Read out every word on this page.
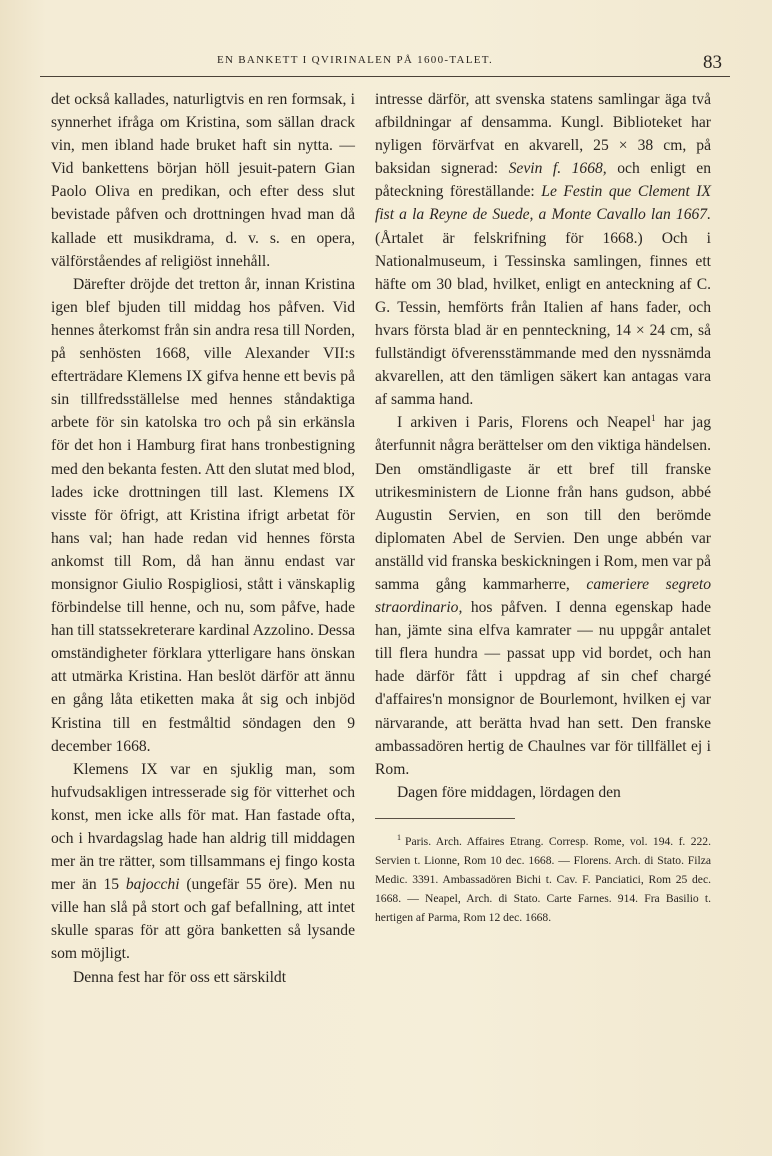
EN BANKETT I QVIRINALEN PÅ 1600-TALET.	83

det också kallades, naturligtvis en ren formsak, i synnerhet ifråga om Kristina, som sällan drack vin, men ibland hade bruket haft sin nytta. — Vid bankettens början höll jesuit-patern Gian Paolo Oliva en predikan, och efter dess slut bevistade påfven och drottningen hvad man då kallade ett musikdrama, d. v. s. en opera, välförståendes af religiöst innehåll.

Därefter dröjde det tretton år, innan Kristina igen blef bjuden till middag hos påfven. Vid hennes återkomst från sin andra resa till Norden, på senhösten 1668, ville Alexander VII:s efterträdare Klemens IX gifva henne ett bevis på sin tillfredsställelse med hennes ståndaktiga arbete för sin katolska tro och på sin erkänsla för det hon i Hamburg firat hans tronbestigning med den bekanta festen. Att den slutat med blod, lades icke drottningen till last. Klemens IX visste för öfrigt, att Kristina ifrigt arbetat för hans val; han hade redan vid hennes första ankomst till Rom, då han ännu endast var monsignor Giulio Rospigliosi, stått i vänskaplig förbindelse till henne, och nu, som påfve, hade han till statssekreterare kardinal Azzolino. Dessa omständigheter förklara ytterligare hans önskan att utmärka Kristina. Han beslöt därför att ännu en gång låta etiketten maka åt sig och inbjöd Kristina till en festmåltid söndagen den 9 december 1668.

Klemens IX var en sjuklig man, som hufvudsakligen intresserade sig för vitterhet och konst, men icke alls för mat. Han fastade ofta, och i hvardagslag hade han aldrig till middagen mer än tre rätter, som tillsammans ej fingo kosta mer än 15 bajocchi (ungefär 55 öre). Men nu ville han slå på stort och gaf befallning, att intet skulle sparas för att göra banketten så lysande som möjligt.

Denna fest har för oss ett särskildt

intresse därför, att svenska statens samlingar äga två afbildningar af densamma. Kungl. Biblioteket har nyligen förvärfvat en akvarell, 25 × 38 cm, på baksidan signerad: Sevin f. 1668, och enligt en påteckning föreställande: Le Festin que Clement IX fist a la Reyne de Suede, a Monte Cavallo lan 1667. (Årtalet är felskrifning för 1668.) Och i Nationalmuseum, i Tessinska samlingen, finnes ett häfte om 30 blad, hvilket, enligt en anteckning af C. G. Tessin, hemförts från Italien af hans fader, och hvars första blad är en pennteckning, 14 × 24 cm, så fullständigt öfverensstämmande med den nyssnämda akvarellen, att den tämligen säkert kan antagas vara af samma hand.

I arkiven i Paris, Florens och Neapel$^1$ har jag återfunnit några berättelser om den viktiga händelsen. Den omständligaste är ett bref till franske utrikesministern de Lionne från hans gudson, abbé Augustin Servien, en son till den berömde diplomaten Abel de Servien. Den unge abbén var anställd vid franska beskickningen i Rom, men var på samma gång kammarherre, cameriere segreto straordinario, hos påfven. I denna egenskap hade han, jämte sina elfva kamrater — nu uppgår antalet till flera hundra — passat upp vid bordet, och han hade därför fått i uppdrag af sin chef chargé d'affaires'n monsignor de Bourlemont, hvilken ej var närvarande, att berätta hvad han sett. Den franske ambassadören hertig de Chaulnes var för tillfället ej i Rom.

Dagen före middagen, lördagen den

$^1$ Paris. Arch. Affaires Etrang. Corresp. Rome, vol. 194. f. 222. Servien t. Lionne, Rom 10 dec. 1668. — Florens. Arch. di Stato. Filza Medic. 3391. Ambassadören Bichi t. Cav. F. Panciatici, Rom 25 dec. 1668. — Neapel, Arch. di Stato. Carte Farnes. 914. Fra Basilio t. hertigen af Parma, Rom 12 dec. 1668.
